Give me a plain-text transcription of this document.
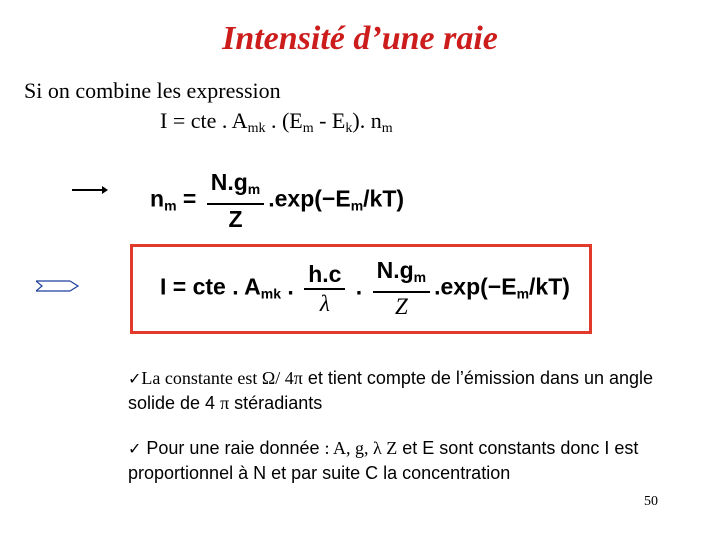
Intensité d’une raie
Si on combine les expression
I = cte . $A_{mk}$ . $(E_m - E_k)$. $n_m$
$n_m = \frac{N.g_m}{Z} .\exp(-E_m/kT)$
I = cte . $A_{mk}$ . $\frac{h.c}{\lambda}$ . $\frac{N.g_m}{Z} .\exp(-E_m/kT)$
✓La constante est Ω/ 4π et tient compte de l’émission dans un angle solide de 4 π stéradiants
✓ Pour une raie donnée : A, g, λ Z et E sont constants donc I est proportionnel à N et par suite C la concentration
50
